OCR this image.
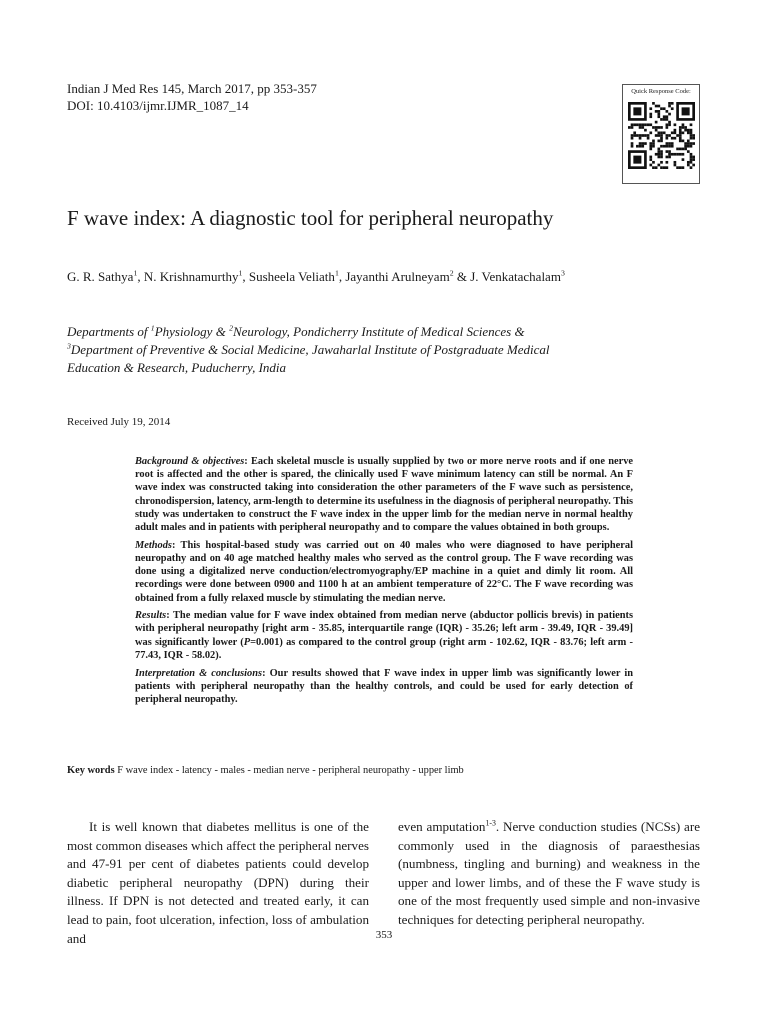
Indian J Med Res 145, March 2017, pp 353-357
DOI: 10.4103/ijmr.IJMR_1087_14
Quick Response Code:
F wave index: A diagnostic tool for peripheral neuropathy
G. R. Sathya$^1$, N. Krishnamurthy$^1$, Susheela Veliath$^1$, Jayanthi Arulneyam$^2$ & J. Venkatachalam$^3$
Departments of $^1$Physiology & $^2$Neurology, Pondicherry Institute of Medical Sciences &
$^3$Department of Preventive & Social Medicine, Jawaharlal Institute of Postgraduate Medical
Education & Research, Puducherry, India
Received July 19, 2014

Background & objectives: Each skeletal muscle is usually supplied by two or more nerve roots and if one nerve root is affected and the other is spared, the clinically used F wave minimum latency can still be normal. An F wave index was constructed taking into consideration the other parameters of the F wave such as persistence, chronodispersion, latency, arm-length to determine its usefulness in the diagnosis of peripheral neuropathy. This study was undertaken to construct the F wave index in the upper limb for the median nerve in normal healthy adult males and in patients with peripheral neuropathy and to compare the values obtained in both groups.

Methods: This hospital-based study was carried out on 40 males who were diagnosed to have peripheral neuropathy and on 40 age matched healthy males who served as the control group. The F wave recording was done using a digitalized nerve conduction/electromyography/EP machine in a quiet and dimly lit room. All recordings were done between 0900 and 1100 h at an ambient temperature of 22°C. The F wave recording was obtained from a fully relaxed muscle by stimulating the median nerve.

Results: The median value for F wave index obtained from median nerve (abductor pollicis brevis) in patients with peripheral neuropathy [right arm - 35.85, interquartile range (IQR) - 35.26; left arm - 39.49, IQR - 39.49] was significantly lower (P=0.001) as compared to the control group (right arm - 102.62, IQR - 83.76; left arm - 77.43, IQR - 58.02).

Interpretation & conclusions: Our results showed that F wave index in upper limb was significantly lower in patients with peripheral neuropathy than the healthy controls, and could be used for early detection of peripheral neuropathy.

Key words F wave index - latency - males - median nerve - peripheral neuropathy - upper limb
It is well known that diabetes mellitus is one of the most common diseases which affect the peripheral nerves and 47-91 per cent of diabetes patients could develop diabetic peripheral neuropathy (DPN) during their illness. If DPN is not detected and treated early, it can lead to pain, foot ulceration, infection, loss of ambulation and
even amputation$^{1-3}$. Nerve conduction studies (NCSs) are commonly used in the diagnosis of paraesthesias (numbness, tingling and burning) and weakness in the upper and lower limbs, and of these the F wave study is one of the most frequently used simple and non-invasive techniques for detecting peripheral neuropathy.
353
